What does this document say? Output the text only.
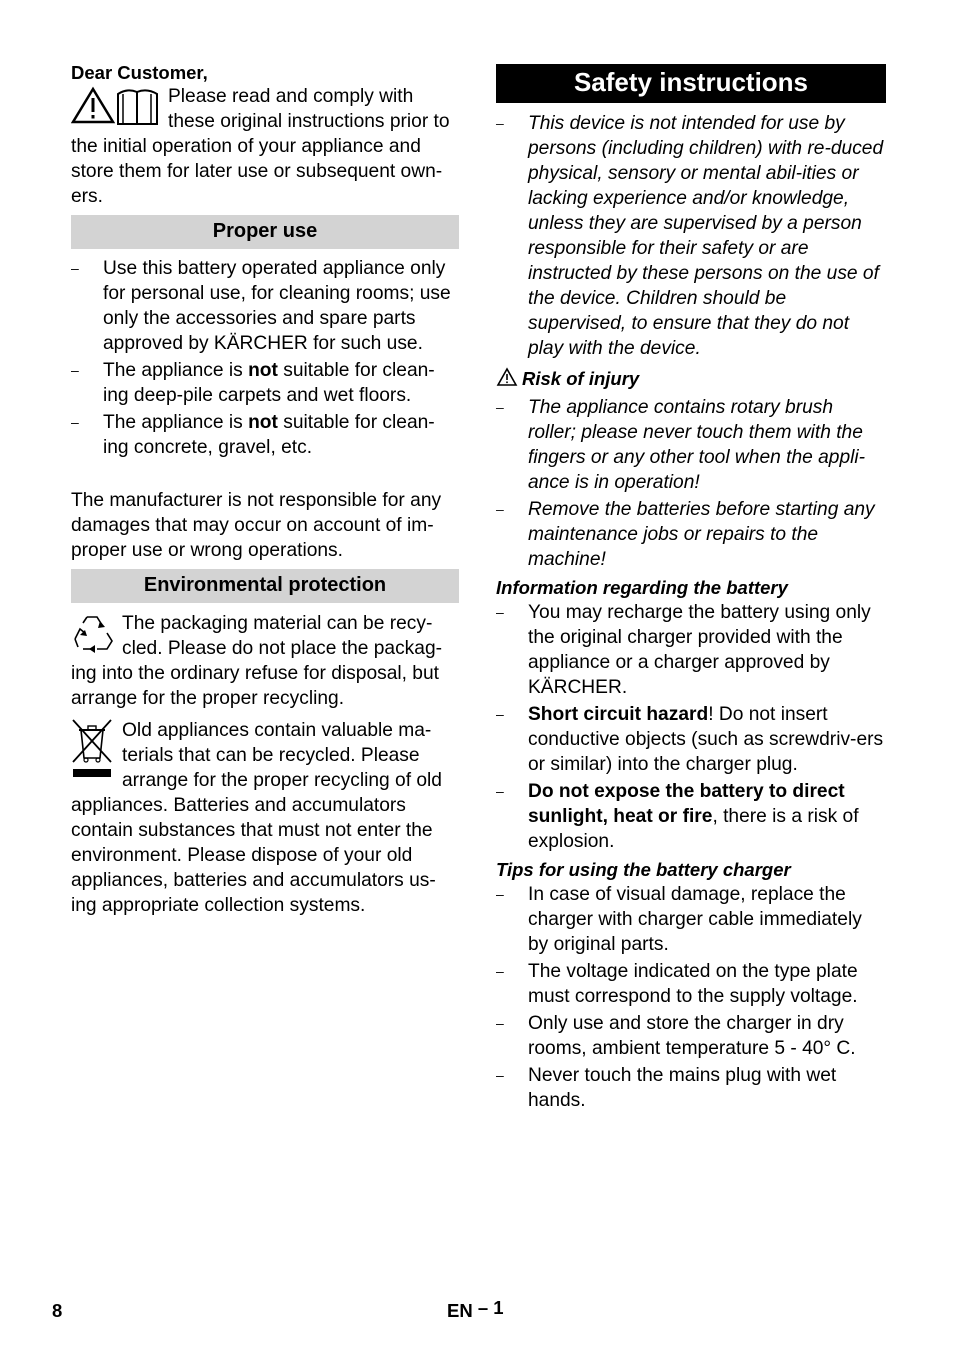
Dear Customer,

Please read and comply with these original instructions prior to the initial operation of your appliance and store them for later use or subsequent own-ers.
Proper use
–	Use this battery operated appliance only for personal use, for cleaning rooms; use only the accessories and spare parts approved by KÄRCHER for such use.
–	The appliance is not suitable for clean-ing deep-pile carpets and wet floors.
–	The appliance is not suitable for clean-ing concrete, gravel, etc.

The manufacturer is not responsible for any damages that may occur on account of im-proper use or wrong operations.

Environmental protection
The packaging material can be recy-cled. Please do not place the packag-ing into the ordinary refuse for disposal, but arrange for the proper recycling.
Old appliances contain valuable ma-terials that can be recycled. Please arrange for the proper recycling of old appliances. Batteries and accumulators contain substances that must not enter the environment. Please dispose of your old appliances, batteries and accumulators us-ing appropriate collection systems.
Safety instructions
–	This device is not intended for use by persons (including children) with re-duced physical, sensory or mental abil-ities or lacking experience and/or knowledge, unless they are supervised by a person responsible for their safety or are instructed by these persons on the use of the device. Children should be supervised, to ensure that they do not play with the device.
Risk of injury
–	The appliance contains rotary brush roller; please never touch them with the fingers or any other tool when the appli-ance is in operation!
–	Remove the batteries before starting any maintenance jobs or repairs to the machine!
Information regarding the battery
–	You may recharge the battery using only the original charger provided with the appliance or a charger approved by KÄRCHER.
–	Short circuit hazard! Do not insert conductive objects (such as screwdriv-ers or similar) into the charger plug.
–	Do not expose the battery to direct sunlight, heat or fire, there is a risk of explosion.
Tips for using the battery charger
–	In case of visual damage, replace the charger with charger cable immediately by original parts.
–	The voltage indicated on the type plate must correspond to the supply voltage.
–	Only use and store the charger in dry rooms, ambient temperature 5 - 40° C.
–	Never touch the mains plug with wet hands.
8	EN – 1
